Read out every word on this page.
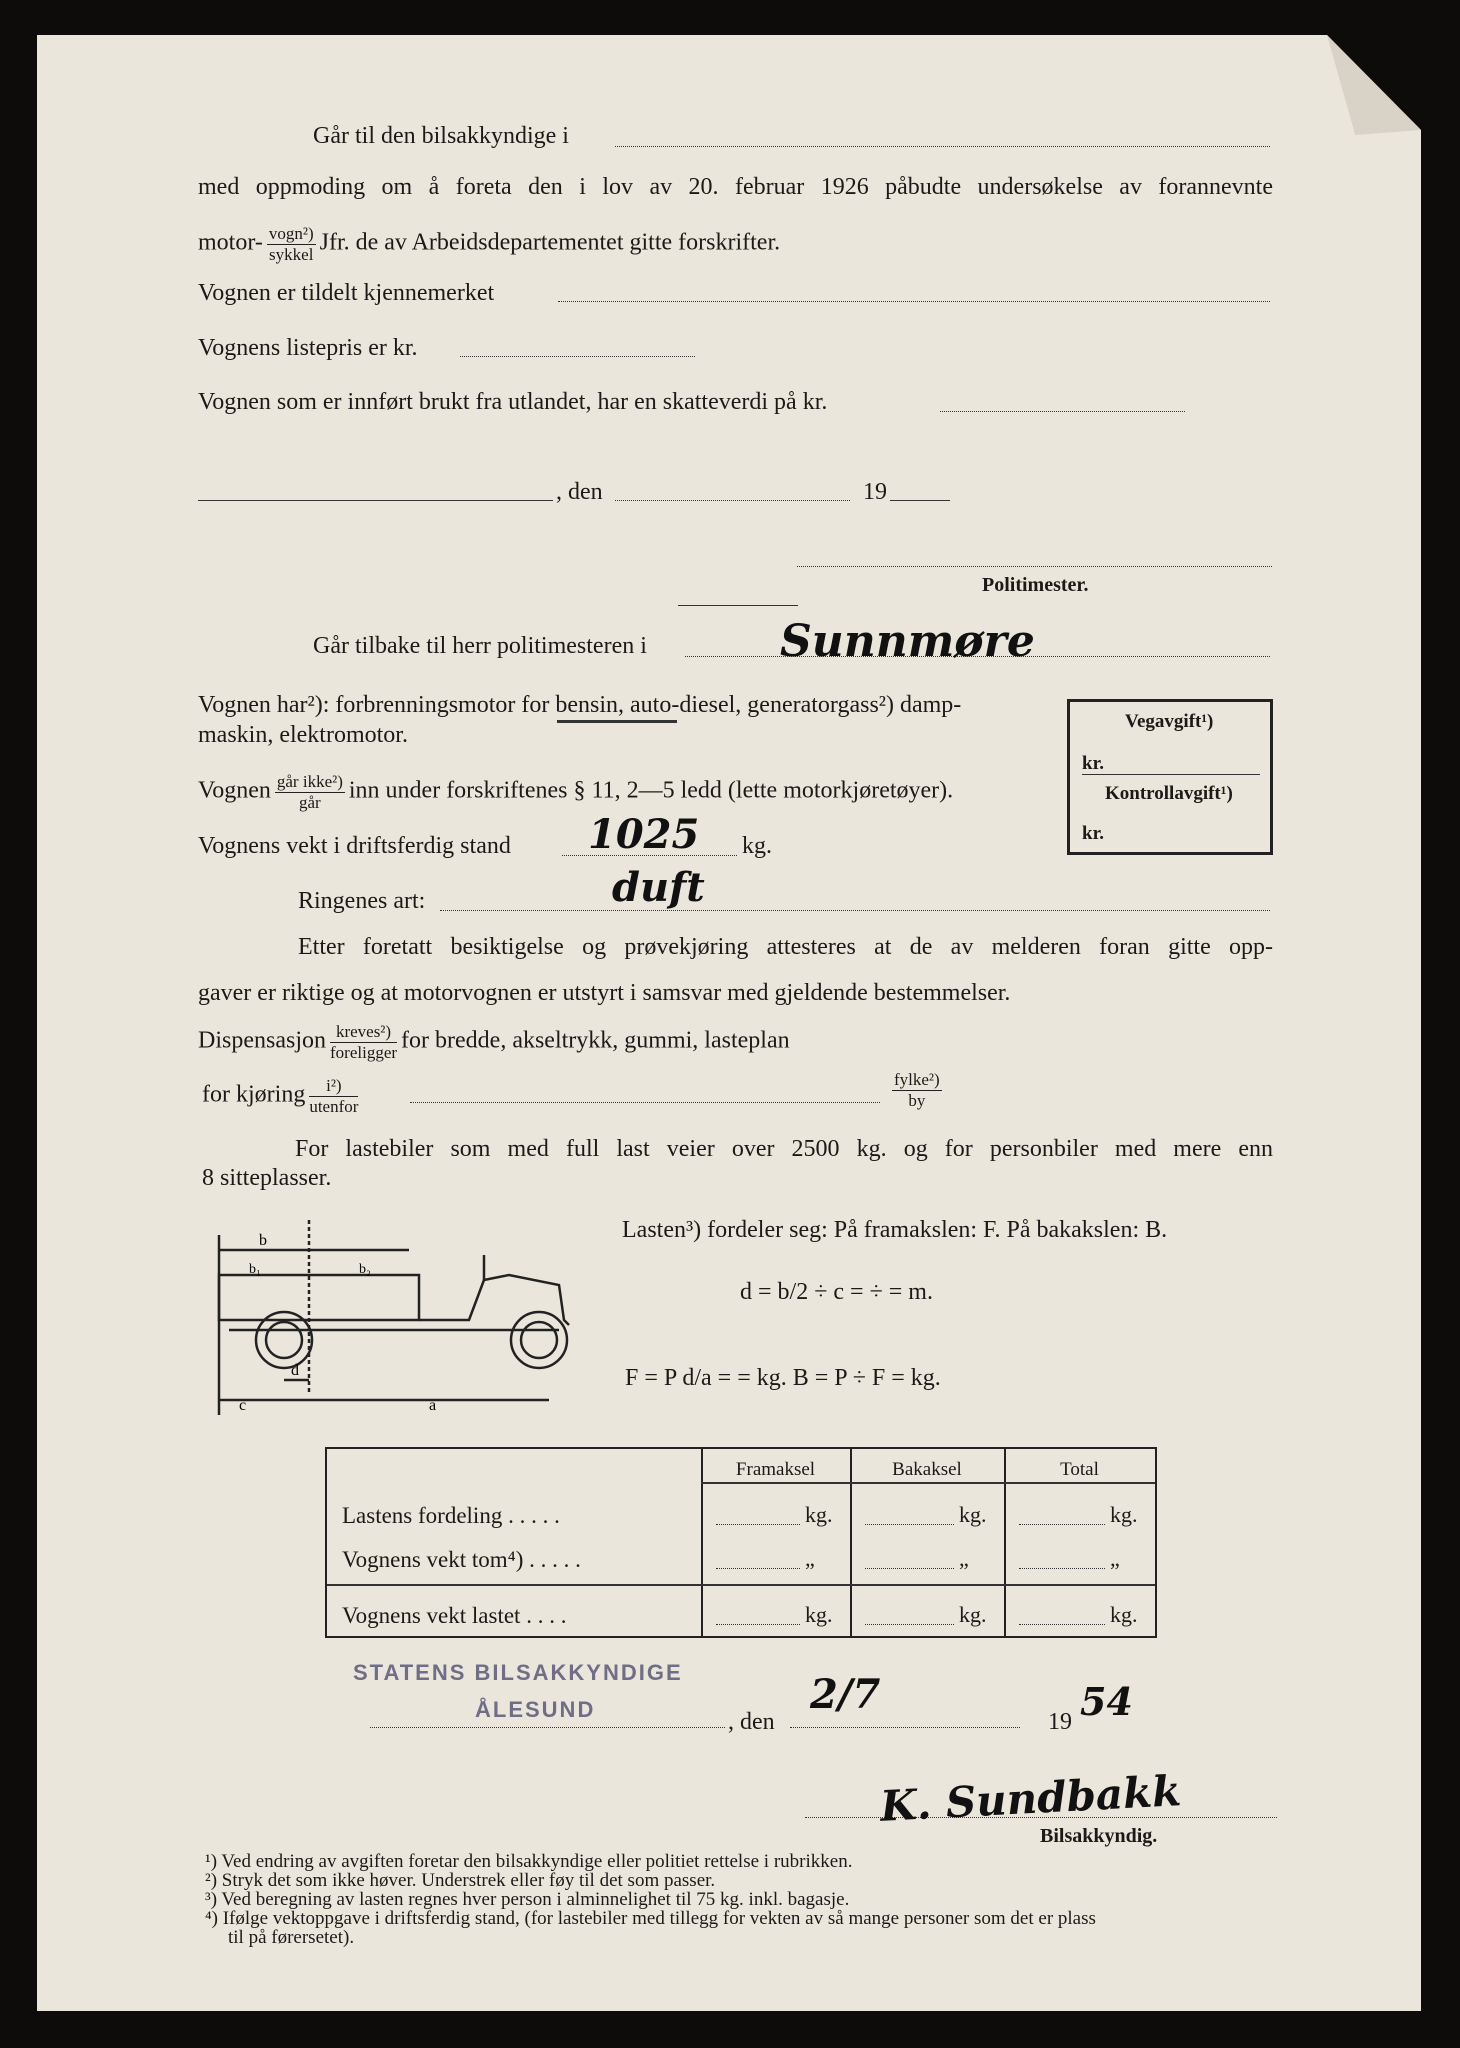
Går til den bilsakkyndige i
med oppmoding om å foreta den i lov av 20. februar 1926 påbudte undersøkelse av forannevnte
motor- $\frac{\text{vogn²)}}{\text{sykkel}}$ Jfr. de av Arbeidsdepartementet gitte forskrifter.
Vognen er tildelt kjennemerket
Vognens listepris er kr.
Vognen som er innført brukt fra utlandet, har en skatteverdi på kr.
, den	19
Politimester.
Går tilbake til herr politimesteren i	Sunnmøre
Vognen har²): forbrenningsmotor for bensin, auto-diesel, generatorgass²) damp-
maskin, elektromotor.
Vognen $\frac{\text{går ikke²)}}{\text{går}}$ inn under forskriftenes § 11, 2—5 ledd (lette motorkjøretøyer).
Vegavgift¹)
kr.
Kontrollavgift¹)
kr.
Vognens vekt i driftsferdig stand 1025 kg.
Ringenes art:	duft
Etter foretatt besiktigelse og prøvekjøring attesteres at de av melderen foran gitte opp-
gaver er riktige og at motorvognen er utstyrt i samsvar med gjeldende bestemmelser.
Dispensasjon $\frac{\text{kreves²)}}{\text{foreligger}}$ for bredde, akseltrykk, gummi, lasteplan
for kjøring $\frac{\text{i²)}}{\text{utenfor}}$	$\frac{\text{fylke²)}}{by}$
For lastebiler som med full last veier over 2500 kg. og for personbiler med mere enn
8 sitteplasser.
b
b₁	b₂
d
c	a
Lasten³) fordeler seg: På framakslen: F. På bakakslen: B.
d = b/2 ÷ c = ÷ = m.
F = P d/a = = kg. B = P ÷ F = kg.
Framaksel	Bakaksel	Total
Lastens fordeling . . . . .	kg.	kg.	kg.
Vognens vekt tom⁴) . . . . .	„	„	„
Vognens vekt lastet . . . .	kg.	kg.	kg.
STATENS BILSAKKYNDIGE
ÅLESUND	, den
2/7
19 54
K. Sundbakk
Bilsakkyndig.
¹) Ved endring av avgiften foretar den bilsakkyndige eller politiet rettelse i rubrikken.
²) Stryk det som ikke høver. Understrek eller føy til det som passer.
³) Ved beregning av lasten regnes hver person i alminnelighet til 75 kg. inkl. bagasje.
⁴) Ifølge vektoppgave i driftsferdig stand, (for lastebiler med tillegg for vekten av så mange personer som det er plass
til på førersetet).
